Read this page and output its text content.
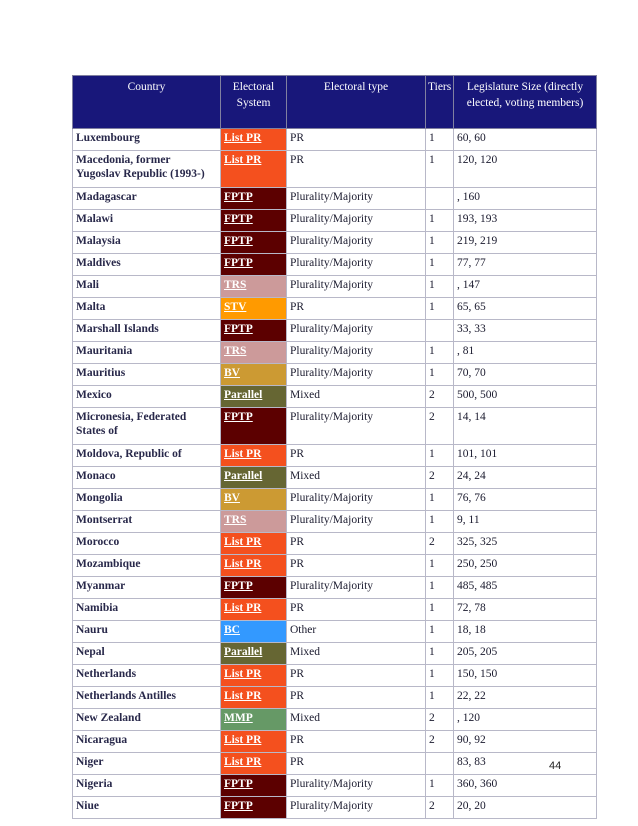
Country	Electoral System	Electoral type	Tiers	Legislature Size (directly elected, voting members)
Luxembourg	List PR	PR	1	60, 60
Macedonia, former Yugoslav Republic (1993-)	List PR	PR	1	120, 120
Madagascar	FPTP	Plurality/Majority		, 160
Malawi	FPTP	Plurality/Majority	1	193, 193
Malaysia	FPTP	Plurality/Majority	1	219, 219
Maldives	FPTP	Plurality/Majority	1	77, 77
Mali	TRS	Plurality/Majority	1	, 147
Malta	STV	PR	1	65, 65
Marshall Islands	FPTP	Plurality/Majority		33, 33
Mauritania	TRS	Plurality/Majority	1	, 81
Mauritius	BV	Plurality/Majority	1	70, 70
Mexico	Parallel	Mixed	2	500, 500
Micronesia, Federated States of	FPTP	Plurality/Majority	2	14, 14
Moldova, Republic of	List PR	PR	1	101, 101
Monaco	Parallel	Mixed	2	24, 24
Mongolia	BV	Plurality/Majority	1	76, 76
Montserrat	TRS	Plurality/Majority	1	9, 11
Morocco	List PR	PR	2	325, 325
Mozambique	List PR	PR	1	250, 250
Myanmar	FPTP	Plurality/Majority	1	485, 485
Namibia	List PR	PR	1	72, 78
Nauru	BC	Other	1	18, 18
Nepal	Parallel	Mixed	1	205, 205
Netherlands	List PR	PR	1	150, 150
Netherlands Antilles	List PR	PR	1	22, 22
New Zealand	MMP	Mixed	2	, 120
Nicaragua	List PR	PR	2	90, 92
Niger	List PR	PR		83, 83
Nigeria	FPTP	Plurality/Majority	1	360, 360
Niue	FPTP	Plurality/Majority	2	20, 20
44
